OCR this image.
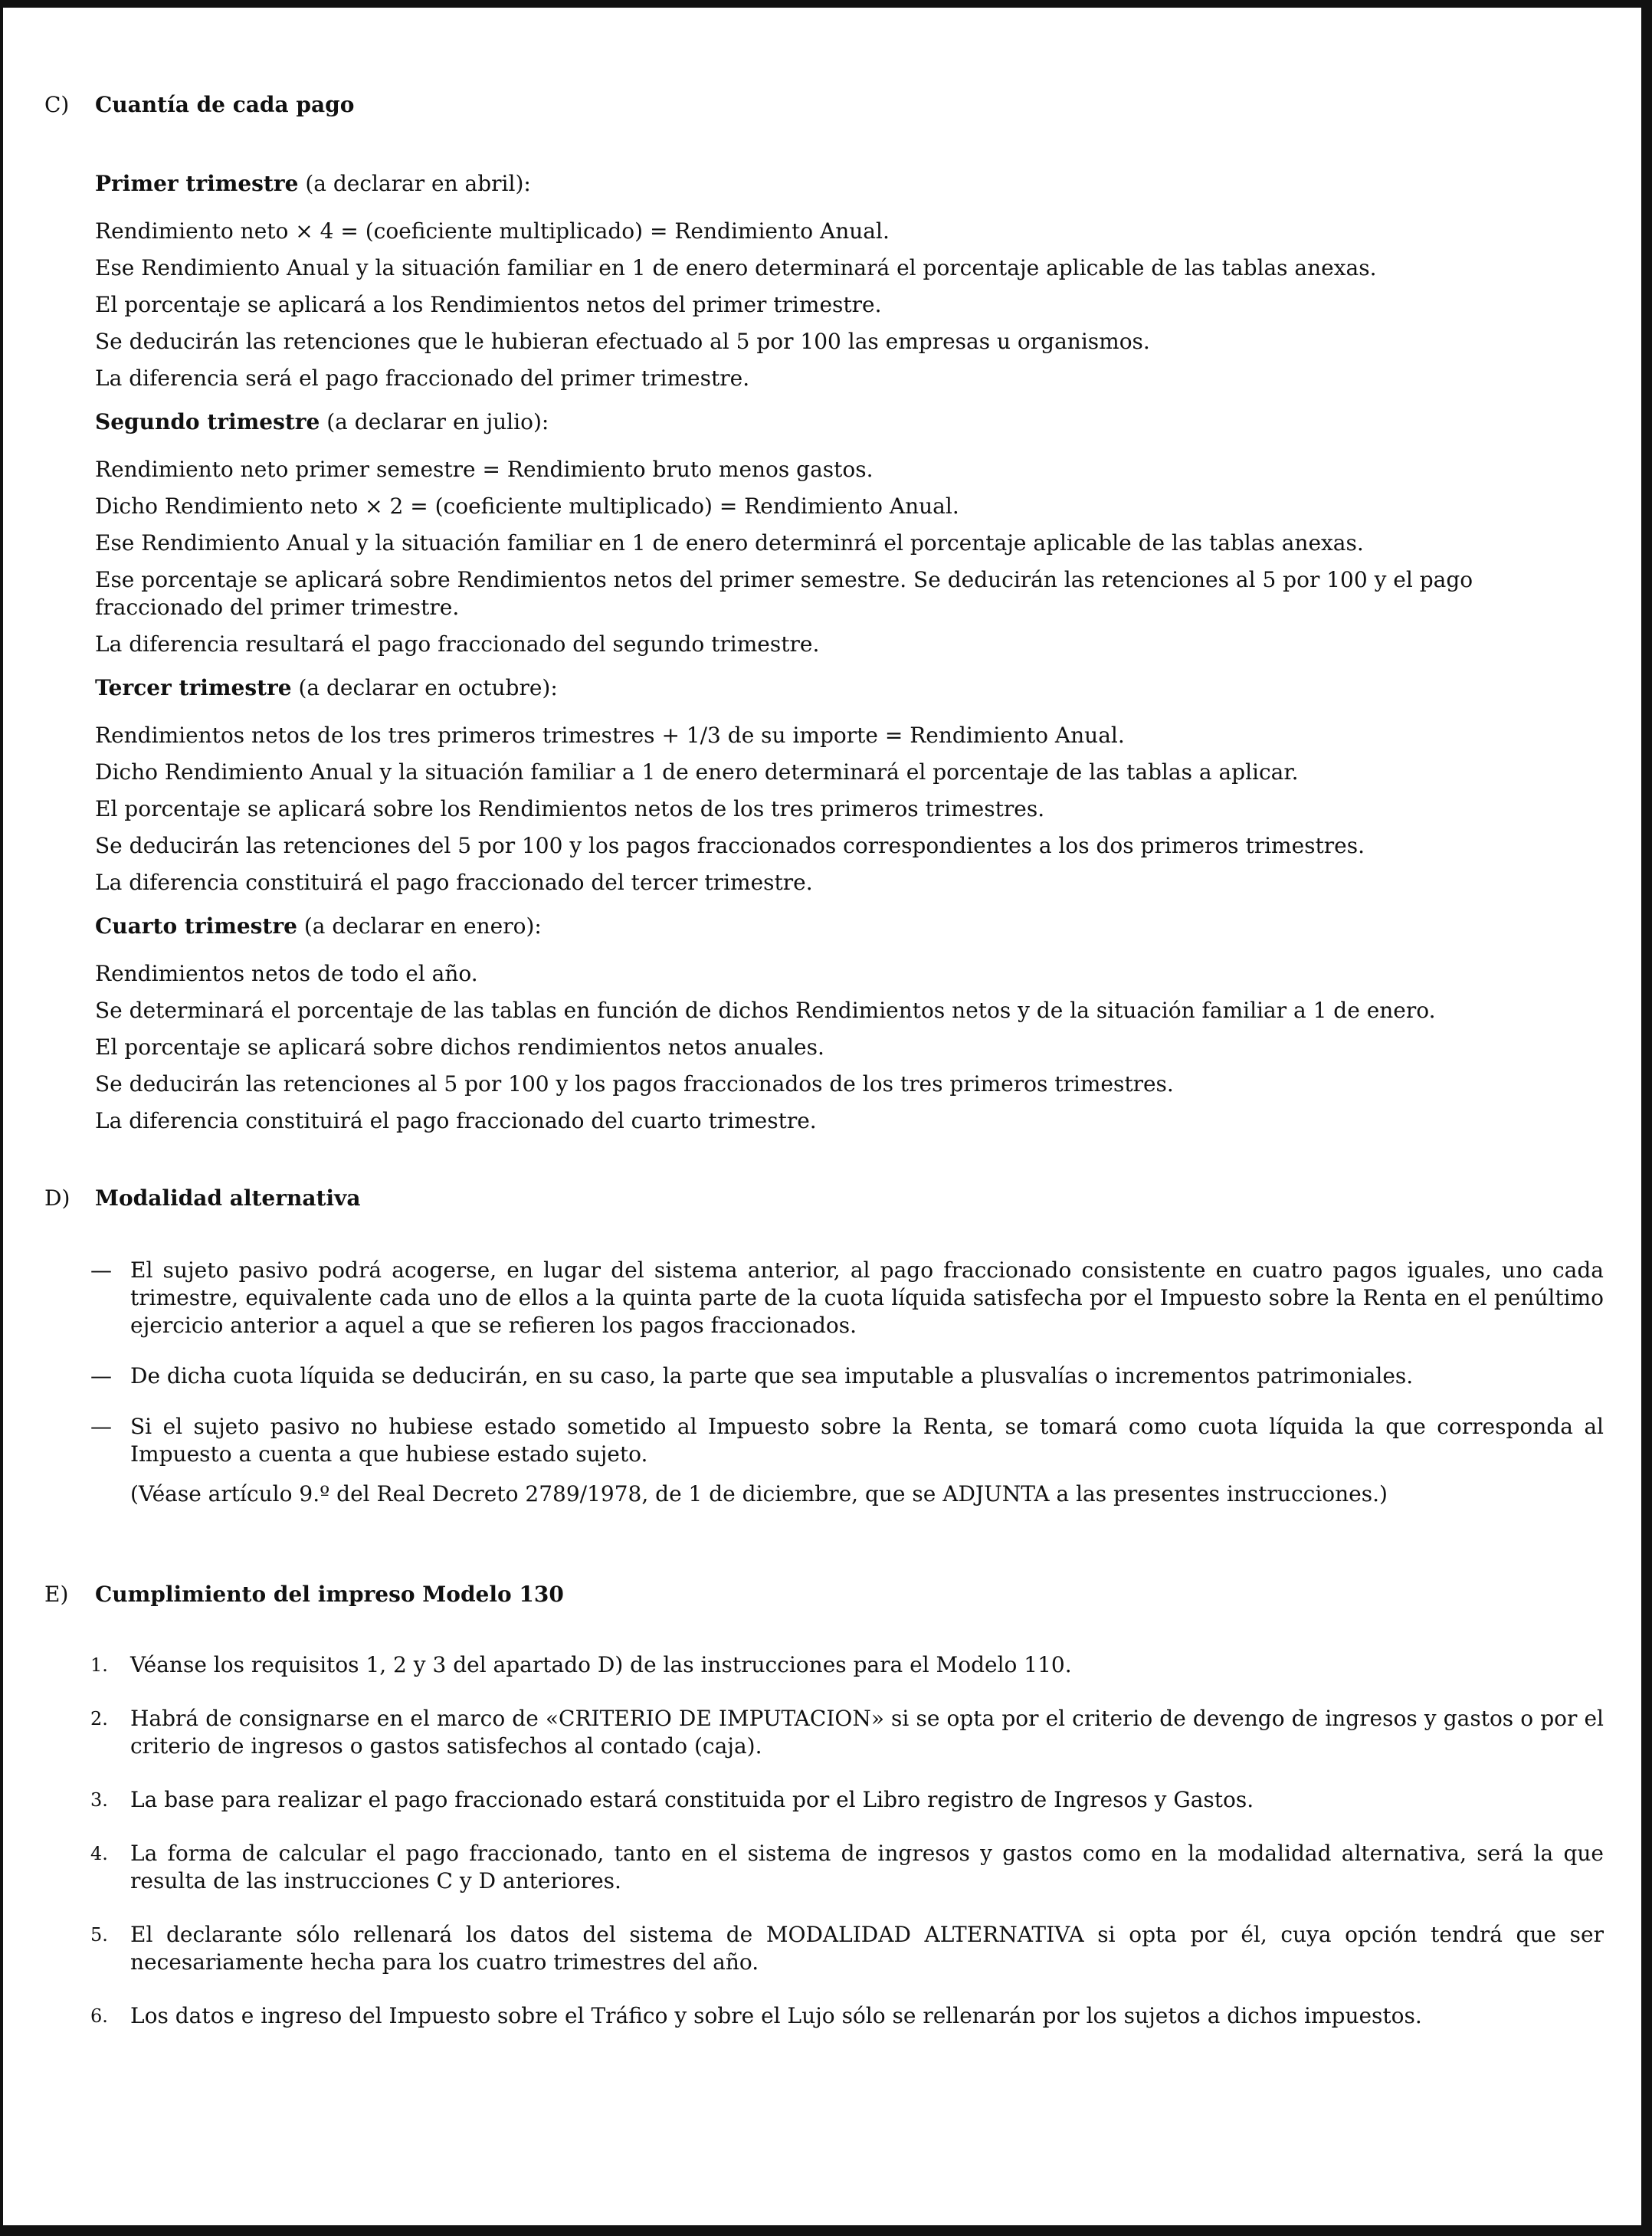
C)	Cuantía de cada pago

Primer trimestre (a declarar en abril):

Rendimiento neto × 4 = (coeficiente multiplicado) = Rendimiento Anual.

Ese Rendimiento Anual y la situación familiar en 1 de enero determinará el porcentaje aplicable de las tablas anexas.

El porcentaje se aplicará a los Rendimientos netos del primer trimestre.

Se deducirán las retenciones que le hubieran efectuado al 5 por 100 las empresas u organismos.

La diferencia será el pago fraccionado del primer trimestre.

Segundo trimestre (a declarar en julio):

Rendimiento neto primer semestre = Rendimiento bruto menos gastos.

Dicho Rendimiento neto × 2 = (coeficiente multiplicado) = Rendimiento Anual.

Ese Rendimiento Anual y la situación familiar en 1 de enero determinrá el porcentaje aplicable de las tablas anexas.

Ese porcentaje se aplicará sobre Rendimientos netos del primer semestre. Se deducirán las retenciones al 5 por 100 y el pago fraccionado del primer trimestre.

La diferencia resultará el pago fraccionado del segundo trimestre.

Tercer trimestre (a declarar en octubre):

Rendimientos netos de los tres primeros trimestres + 1/3 de su importe = Rendimiento Anual.

Dicho Rendimiento Anual y la situación familiar a 1 de enero determinará el porcentaje de las tablas a aplicar.

El porcentaje se aplicará sobre los Rendimientos netos de los tres primeros trimestres.

Se deducirán las retenciones del 5 por 100 y los pagos fraccionados correspondientes a los dos primeros trimestres.

La diferencia constituirá el pago fraccionado del tercer trimestre.

Cuarto trimestre (a declarar en enero):

Rendimientos netos de todo el año.

Se determinará el porcentaje de las tablas en función de dichos Rendimientos netos y de la situación familiar a 1 de enero.

El porcentaje se aplicará sobre dichos rendimientos netos anuales.

Se deducirán las retenciones al 5 por 100 y los pagos fraccionados de los tres primeros trimestres.

La diferencia constituirá el pago fraccionado del cuarto trimestre.

D)	Modalidad alternativa
— El sujeto pasivo podrá acogerse, en lugar del sistema anterior, al pago fraccionado consistente en cuatro pagos iguales, uno cada trimestre, equivalente cada uno de ellos a la quinta parte de la cuota líquida satisfecha por el Impuesto sobre la Renta en el penúltimo ejercicio anterior a aquel a que se refieren los pagos fraccionados.
— De dicha cuota líquida se deducirán, en su caso, la parte que sea imputable a plusvalías o incrementos patrimoniales.
— Si el sujeto pasivo no hubiese estado sometido al Impuesto sobre la Renta, se tomará como cuota líquida la que corresponda al Impuesto a cuenta a que hubiese estado sujeto.

(Véase artículo 9.º del Real Decreto 2789/1978, de 1 de diciembre, que se ADJUNTA a las presentes instrucciones.)

E)	Cumplimiento del impreso Modelo 130
1. Véanse los requisitos 1, 2 y 3 del apartado D) de las instrucciones para el Modelo 110.
2. Habrá de consignarse en el marco de «CRITERIO DE IMPUTACION» si se opta por el criterio de devengo de ingresos y gastos o por el criterio de ingresos o gastos satisfechos al contado (caja).
3. La base para realizar el pago fraccionado estará constituida por el Libro registro de Ingresos y Gastos.
4. La forma de calcular el pago fraccionado, tanto en el sistema de ingresos y gastos como en la modalidad alternativa, será la que resulta de las instrucciones C y D anteriores.
5. El declarante sólo rellenará los datos del sistema de MODALIDAD ALTERNATIVA si opta por él, cuya opción tendrá que ser necesariamente hecha para los cuatro trimestres del año.
6. Los datos e ingreso del Impuesto sobre el Tráfico y sobre el Lujo sólo se rellenarán por los sujetos a dichos impuestos.
